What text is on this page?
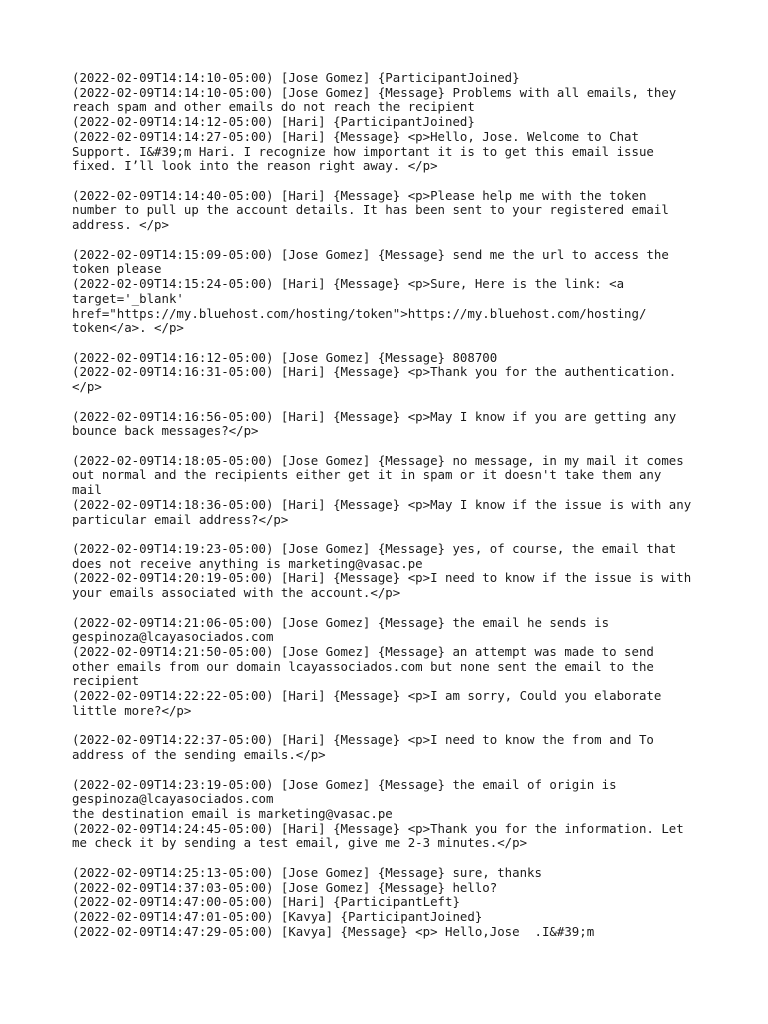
(2022-02-09T14:14:10-05:00) [Jose Gomez] {ParticipantJoined}
(2022-02-09T14:14:10-05:00) [Jose Gomez] {Message} Problems with all emails, they
reach spam and other emails do not reach the recipient
(2022-02-09T14:14:12-05:00) [Hari] {ParticipantJoined}
(2022-02-09T14:14:27-05:00) [Hari] {Message} <p>Hello, Jose. Welcome to Chat
Support. I&#39;m Hari. I recognize how important it is to get this email issue
fixed. I’ll look into the reason right away. </p>
(2022-02-09T14:14:40-05:00) [Hari] {Message} <p>Please help me with the token
number to pull up the account details. It has been sent to your registered email
address. </p>
(2022-02-09T14:15:09-05:00) [Jose Gomez] {Message} send me the url to access the
token please
(2022-02-09T14:15:24-05:00) [Hari] {Message} <p>Sure, Here is the link: <a
target='_blank'
href="https://my.bluehost.com/hosting/token">https://my.bluehost.com/hosting/
token</a>. </p>
(2022-02-09T14:16:12-05:00) [Jose Gomez] {Message} 808700
(2022-02-09T14:16:31-05:00) [Hari] {Message} <p>Thank you for the authentication.
</p>
(2022-02-09T14:16:56-05:00) [Hari] {Message} <p>May I know if you are getting any
bounce back messages?</p>
(2022-02-09T14:18:05-05:00) [Jose Gomez] {Message} no message, in my mail it comes
out normal and the recipients either get it in spam or it doesn't take them any
mail
(2022-02-09T14:18:36-05:00) [Hari] {Message} <p>May I know if the issue is with any
particular email address?</p>
(2022-02-09T14:19:23-05:00) [Jose Gomez] {Message} yes, of course, the email that
does not receive anything is marketing@vasac.pe
(2022-02-09T14:20:19-05:00) [Hari] {Message} <p>I need to know if the issue is with
your emails associated with the account.</p>
(2022-02-09T14:21:06-05:00) [Jose Gomez] {Message} the email he sends is
gespinoza@lcayasociados.com
(2022-02-09T14:21:50-05:00) [Jose Gomez] {Message} an attempt was made to send
other emails from our domain lcayassociados.com but none sent the email to the
recipient
(2022-02-09T14:22:22-05:00) [Hari] {Message} <p>I am sorry, Could you elaborate
little more?</p>
(2022-02-09T14:22:37-05:00) [Hari] {Message} <p>I need to know the from and To
address of the sending emails.</p>
(2022-02-09T14:23:19-05:00) [Jose Gomez] {Message} the email of origin is
gespinoza@lcayasociados.com
the destination email is marketing@vasac.pe
(2022-02-09T14:24:45-05:00) [Hari] {Message} <p>Thank you for the information. Let
me check it by sending a test email, give me 2-3 minutes.</p>
(2022-02-09T14:25:13-05:00) [Jose Gomez] {Message} sure, thanks
(2022-02-09T14:37:03-05:00) [Jose Gomez] {Message} hello?
(2022-02-09T14:47:00-05:00) [Hari] {ParticipantLeft}
(2022-02-09T14:47:01-05:00) [Kavya] {ParticipantJoined}
(2022-02-09T14:47:29-05:00) [Kavya] {Message} <p> Hello,Jose  .I&#39;m
